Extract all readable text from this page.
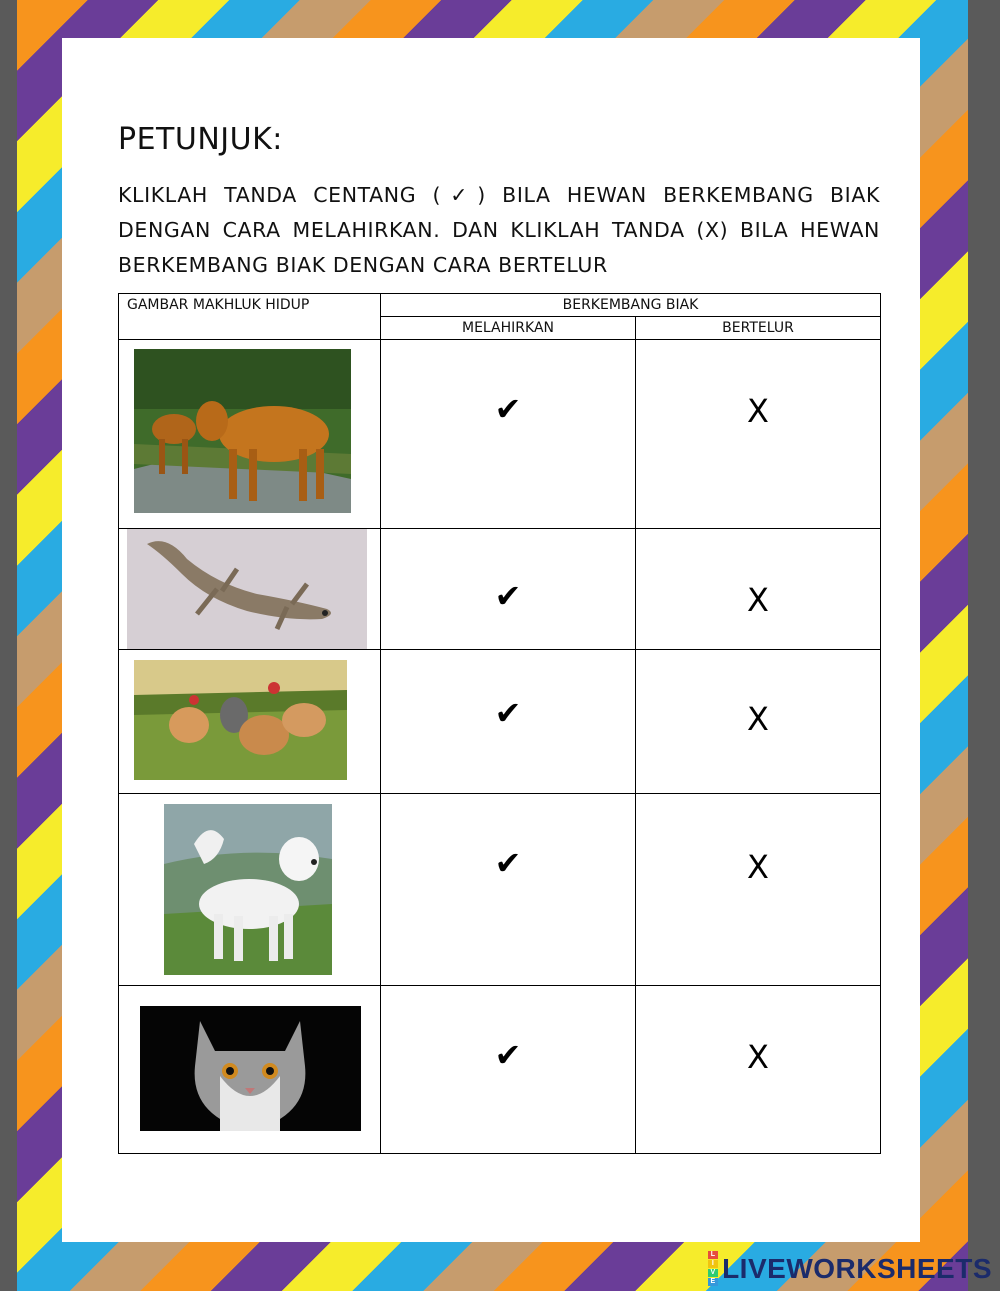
PETUNJUK:
KLIKLAH TANDA CENTANG (✓) BILA HEWAN BERKEMBANG BIAK DENGAN CARA MELAHIRKAN. DAN KLIKLAH TANDA (X) BILA HEWAN BERKEMBANG BIAK DENGAN CARA BERTELUR
GAMBAR MAKHLUK HIDUP	BERKEMBANG BIAK	
	MELAHIRKAN	BERTELUR

✔	X

✔	X

✔	X

✔	X

✔	X
L
I
V
E LIVEWORKSHEETS
